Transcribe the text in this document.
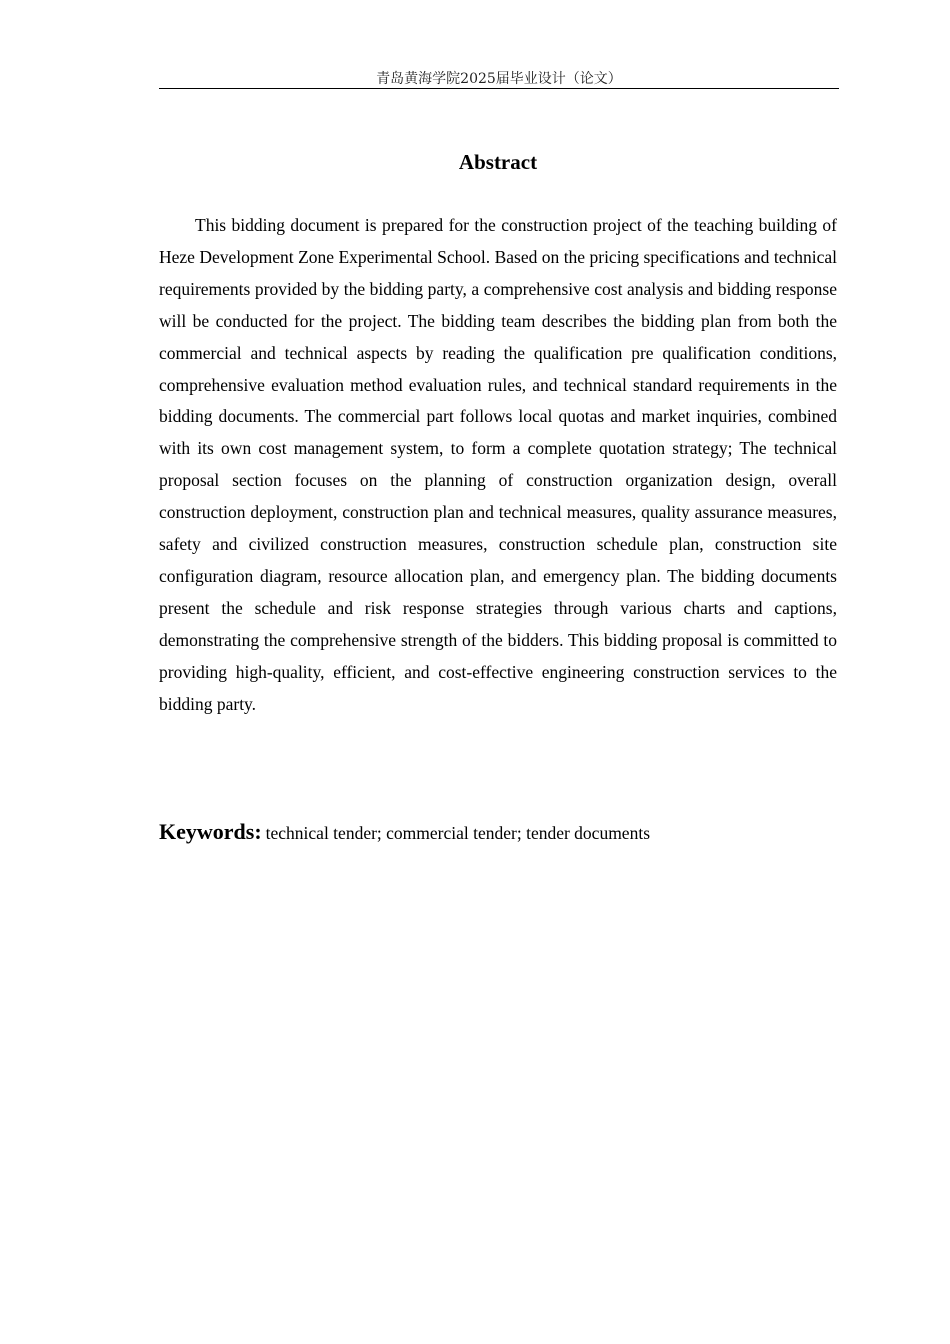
青岛黄海学院2025届毕业设计（论文）
Abstract

This bidding document is prepared for the construction project of the teaching building of Heze Development Zone Experimental School. Based on the pricing specifications and technical requirements provided by the bidding party, a comprehensive cost analysis and bidding response will be conducted for the project. The bidding team describes the bidding plan from both the commercial and technical aspects by reading the qualification pre qualification conditions, comprehensive evaluation method evaluation rules, and technical standard requirements in the bidding documents. The commercial part follows local quotas and market inquiries, combined with its own cost management system, to form a complete quotation strategy; The technical proposal section focuses on the planning of construction organization design, overall construction deployment, construction plan and technical measures, quality assurance measures, safety and civilized construction measures, construction schedule plan, construction site configuration diagram, resource allocation plan, and emergency plan. The bidding documents present the schedule and risk response strategies through various charts and captions, demonstrating the comprehensive strength of the bidders. This bidding proposal is committed to providing high-quality, efficient, and cost-effective engineering construction services to the bidding party.

Keywords: technical tender; commercial tender; tender documents
